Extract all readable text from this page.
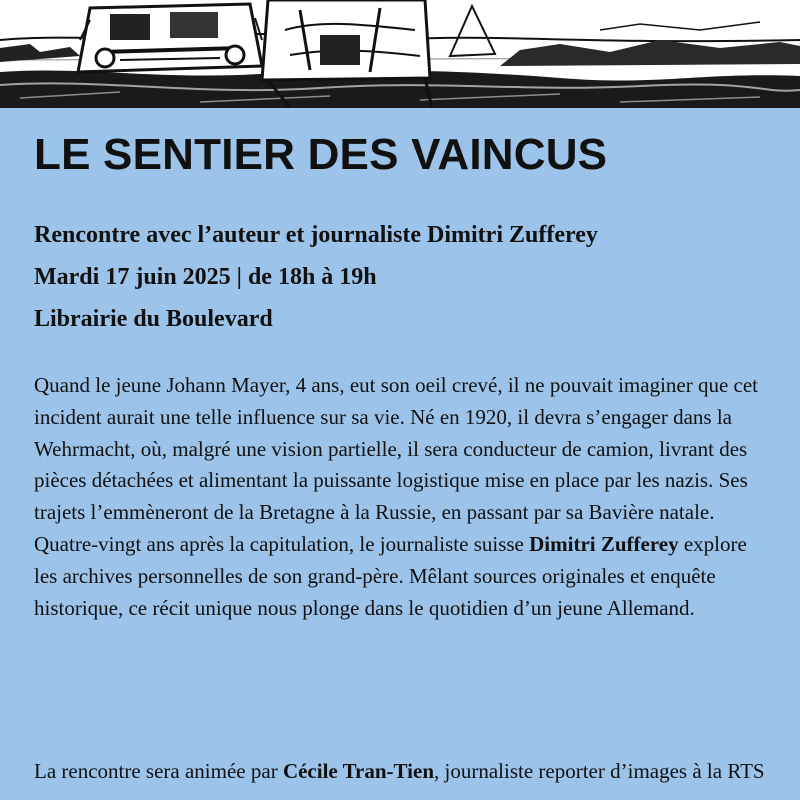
LE SENTIER DES VAINCUS
Rencontre avec l’auteur et journaliste Dimitri Zufferey
Mardi 17 juin 2025 | de 18h à 19h
Librairie du Boulevard

Quand le jeune Johann Mayer, 4 ans, eut son oeil crevé, il ne pouvait imaginer que cet incident aurait une telle influence sur sa vie. Né en 1920, il devra s’engager dans la Wehrmacht, où, malgré une vision partielle, il sera conducteur de camion, livrant des pièces détachées et alimentant la puissante logistique mise en place par les nazis. Ses trajets l’emmèneront de la Bretagne à la Russie, en passant par sa Bavière natale.

Quatre-vingt ans après la capitulation, le journaliste suisse Dimitri Zufferey explore les archives personnelles de son grand-père. Mêlant sources originales et enquête historique, ce récit unique nous plonge dans le quotidien d’un jeune Allemand.

La rencontre sera animée par Cécile Tran-Tien, journaliste reporter d’images à la RTS
